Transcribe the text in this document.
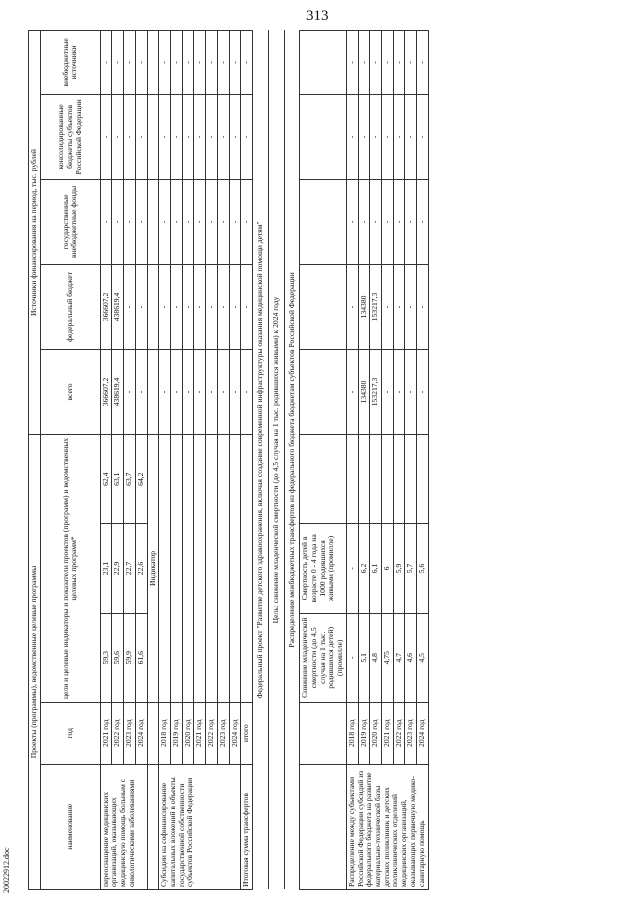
313
20022912.doc
Проекты (программы), ведомственные целевые программы					Источники финансирования на период, тыс. рублей				
наименование	год	цели и целевые индикаторы и показатели проектов (программ) и ведомственных целевых программ*			всего	федеральный бюджет	государственные внебюджетные фонды	консолидированные бюджеты субъектов Российской Федерации	внебюджетные источники
переоснащение медицинских организаций, оказывающих медицинскую помощь больным с онкологическими заболеваниями	2021 год	59,3	23,1	62,4	366607,2	366607,2	-	-	-
	2022 год	59,6	22,9	63,1	438619,4	438619,4	-	-	-
	2023 год	59,9	22,7	63,7	-	-	-	-	-
	2024 год	61,6	22,6	64,2	-	-	-	-	-
		Индикатор							
Субсидии на софинансирование капитальных вложений в объекты государственной собственности субъектов Российской Федерации	2018 год				-	-	-	-	-
	2019 год				-	-	-	-	-
	2020 год				-	-	-	-	-
	2021 год				-	-	-	-	-
	2022 год				-	-	-	-	-
	2023 год				-	-	-	-	-
	2024 год				-	-	-	-	-
Итоговая сумма трансфертов	итого				-	-	-	-	-
Федеральный проект "Развитие детского здравоохранения, включая создание современной инфраструктуры оказания медицинской помощи детям"									
Цель: снижение младенческой смертности (до 4,5 случая на 1 тыс. родившихся живыми) к 2024 году									
Распределение межбюджетных трансфертов из федерального бюджета бюджетам субъектов Российской Федерации									
		Снижение младенческой смертности (до 4,5 случая на 1 тыс. родившихся детей) (промилле)	Смертность детей в возрасте 0 - 4 года на 1000 родившихся живыми (промилле)						
Распределение между субъектами Российской Федерации субсидий из федерального бюджета на развитие материально-технической базы детских поликлиник и детских поликлинических отделений медицинских организаций, оказывающих первичную медико-санитарную помощь	2018 год	-	-		-	-	-	-	-
	2019 год	5,1	6,2		134380	134380	-	-	-
	2020 год	4,8	6,1		153217,3	153217,3	-	-	-
	2021 год	4,75	6		-	-	-	-	-
	2022 год	4,7	5,9		-	-	-	-	-
	2023 год	4,6	5,7		-	-	-	-	-
	2024 год	4,5	5,6		-	-	-	-	-
